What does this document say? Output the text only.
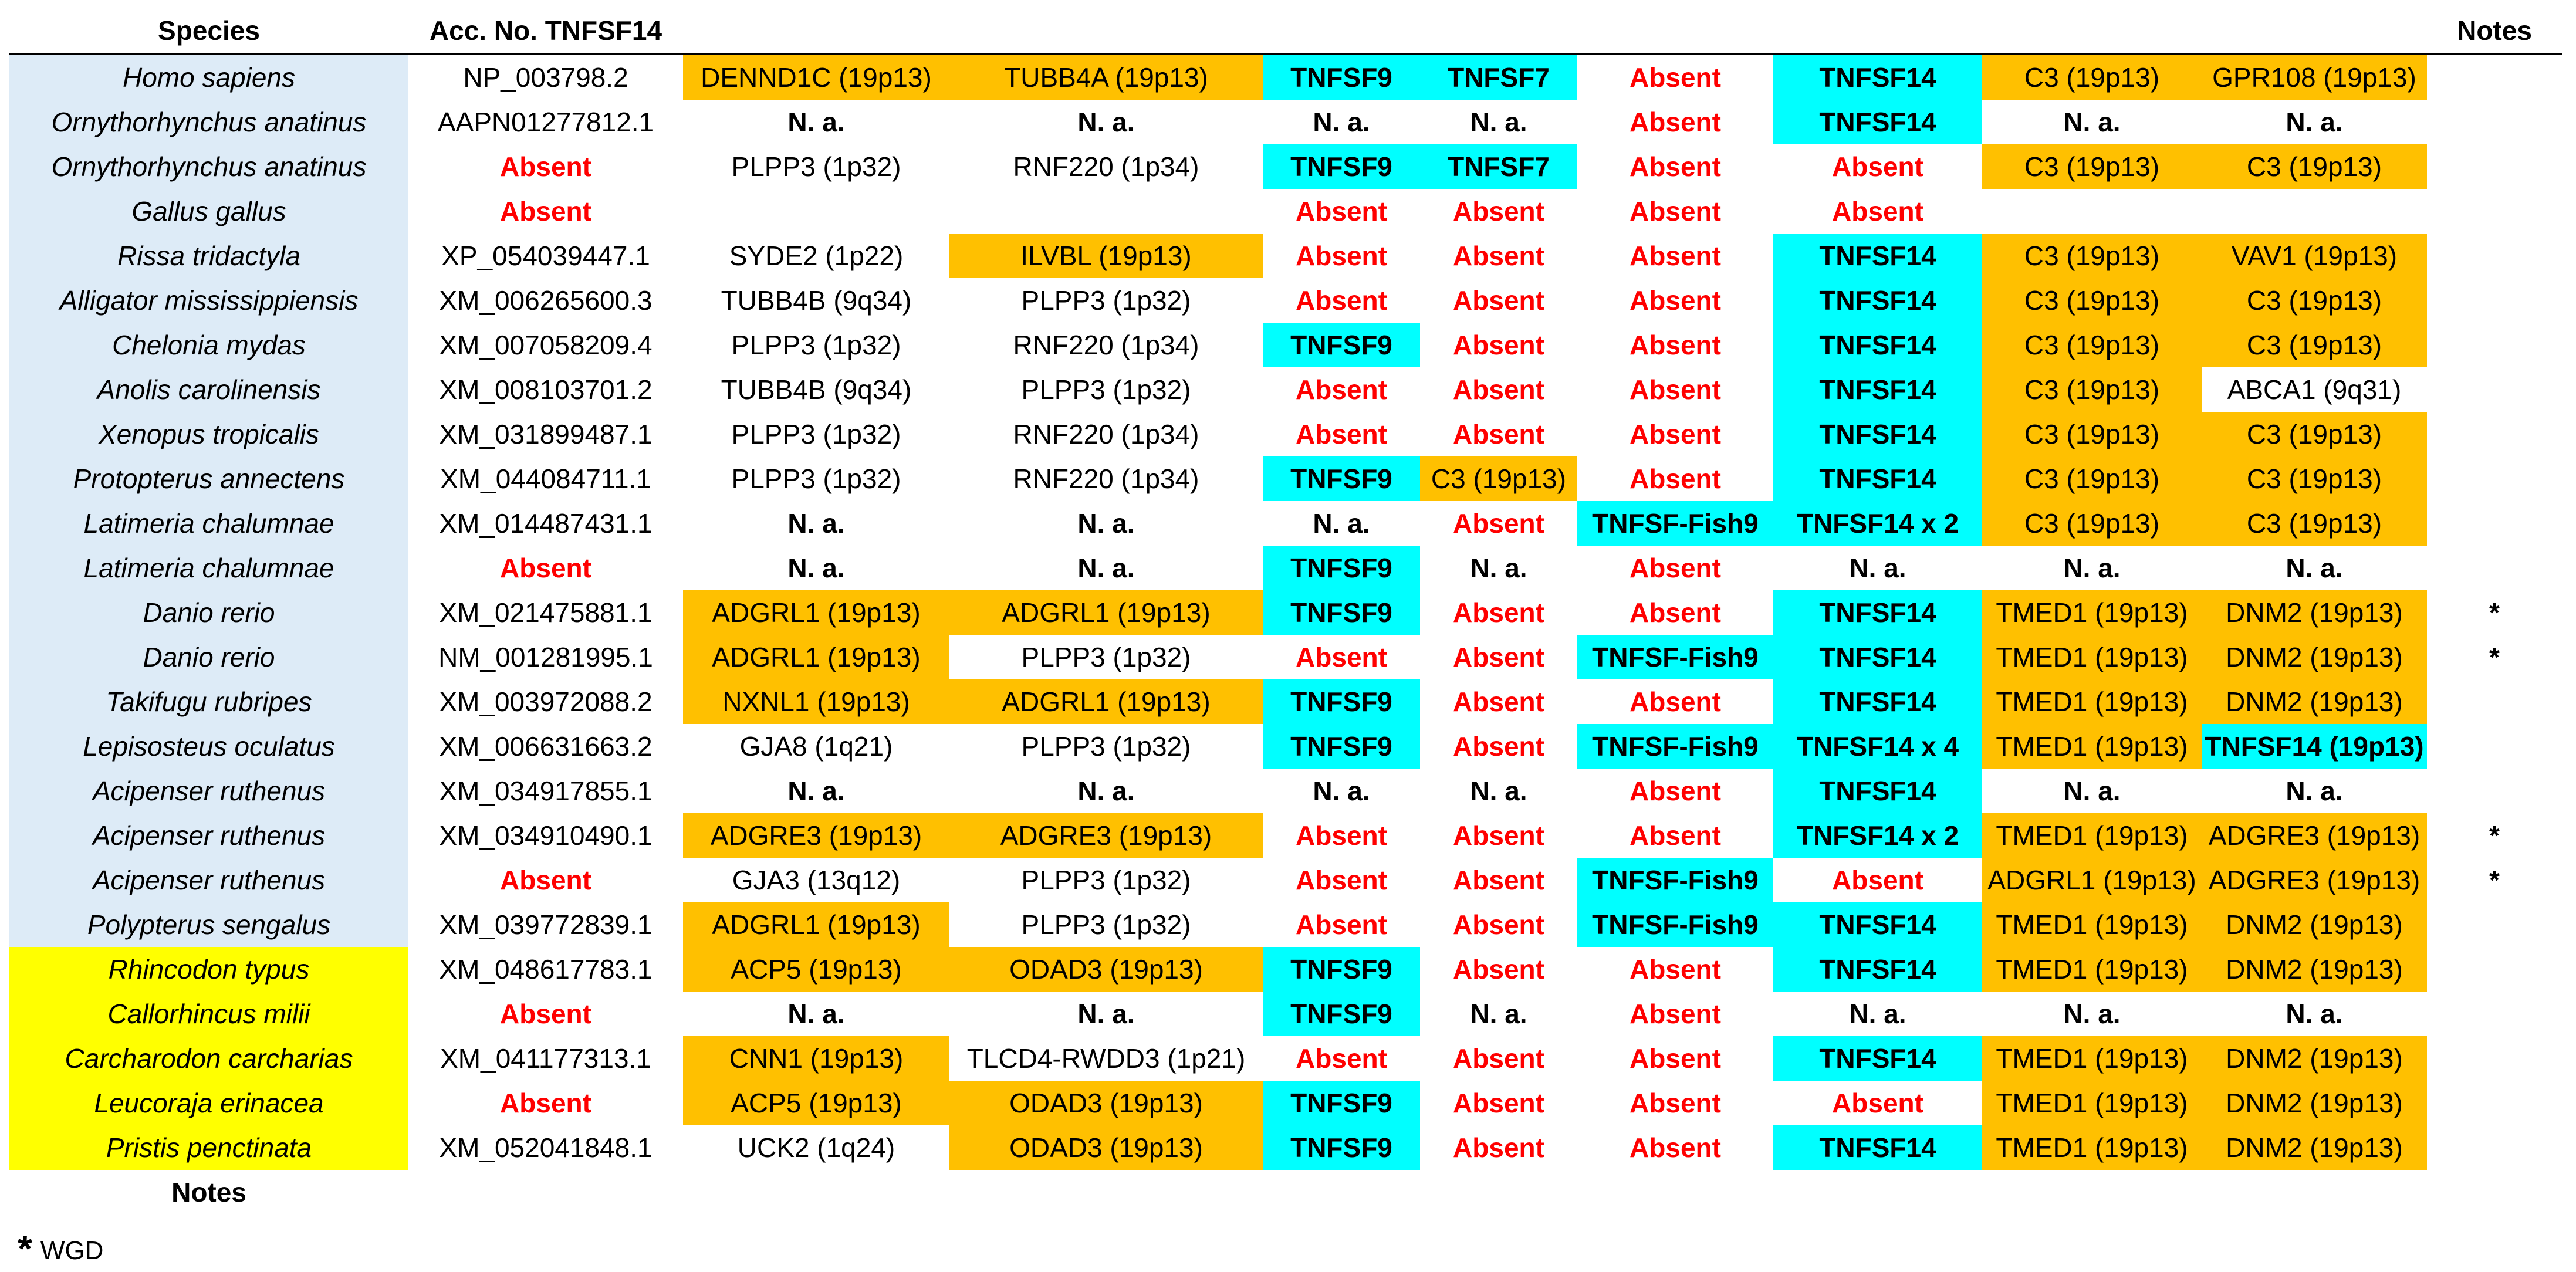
Species	Acc. No. TNFSF14									Notes
Homo sapiens	NP_003798.2	DENND1C (19p13)	TUBB4A (19p13)	TNFSF9	TNFSF7	Absent	TNFSF14	C3 (19p13)	GPR108 (19p13)	
Ornythorhynchus anatinus	AAPN01277812.1	N. a.	N. a.	N. a.	N. a.	Absent	TNFSF14	N. a.	N. a.	
Ornythorhynchus anatinus	Absent	PLPP3 (1p32)	RNF220 (1p34)	TNFSF9	TNFSF7	Absent	Absent	C3 (19p13)	C3 (19p13)	
Gallus gallus	Absent			Absent	Absent	Absent	Absent			
Rissa tridactyla	XP_054039447.1	SYDE2 (1p22)	ILVBL (19p13)	Absent	Absent	Absent	TNFSF14	C3 (19p13)	VAV1 (19p13)	
Alligator mississippiensis	XM_006265600.3	TUBB4B (9q34)	PLPP3 (1p32)	Absent	Absent	Absent	TNFSF14	C3 (19p13)	C3 (19p13)	
Chelonia mydas	XM_007058209.4	PLPP3 (1p32)	RNF220 (1p34)	TNFSF9	Absent	Absent	TNFSF14	C3 (19p13)	C3 (19p13)	
Anolis carolinensis	XM_008103701.2	TUBB4B (9q34)	PLPP3 (1p32)	Absent	Absent	Absent	TNFSF14	C3 (19p13)	ABCA1 (9q31)	
Xenopus tropicalis	XM_031899487.1	PLPP3 (1p32)	RNF220 (1p34)	Absent	Absent	Absent	TNFSF14	C3 (19p13)	C3 (19p13)	
Protopterus annectens	XM_044084711.1	PLPP3 (1p32)	RNF220 (1p34)	TNFSF9	C3 (19p13)	Absent	TNFSF14	C3 (19p13)	C3 (19p13)	
Latimeria chalumnae	XM_014487431.1	N. a.	N. a.	N. a.	Absent	TNFSF-Fish9	TNFSF14 x 2	C3 (19p13)	C3 (19p13)	
Latimeria chalumnae	Absent	N. a.	N. a.	TNFSF9	N. a.	Absent	N. a.	N. a.	N. a.	
Danio rerio	XM_021475881.1	ADGRL1 (19p13)	ADGRL1 (19p13)	TNFSF9	Absent	Absent	TNFSF14	TMED1 (19p13)	DNM2 (19p13)	*
Danio rerio	NM_001281995.1	ADGRL1 (19p13)	PLPP3 (1p32)	Absent	Absent	TNFSF-Fish9	TNFSF14	TMED1 (19p13)	DNM2 (19p13)	*
Takifugu rubripes	XM_003972088.2	NXNL1 (19p13)	ADGRL1 (19p13)	TNFSF9	Absent	Absent	TNFSF14	TMED1 (19p13)	DNM2 (19p13)	
Lepisosteus oculatus	XM_006631663.2	GJA8 (1q21)	PLPP3 (1p32)	TNFSF9	Absent	TNFSF-Fish9	TNFSF14 x 4	TMED1 (19p13)	TNFSF14 (19p13)	
Acipenser ruthenus	XM_034917855.1	N. a.	N. a.	N. a.	N. a.	Absent	TNFSF14	N. a.	N. a.	
Acipenser ruthenus	XM_034910490.1	ADGRE3 (19p13)	ADGRE3 (19p13)	Absent	Absent	Absent	TNFSF14 x 2	TMED1 (19p13)	ADGRE3 (19p13)	*
Acipenser ruthenus	Absent	GJA3 (13q12)	PLPP3 (1p32)	Absent	Absent	TNFSF-Fish9	Absent	ADGRL1 (19p13)	ADGRE3 (19p13)	*
Polypterus sengalus	XM_039772839.1	ADGRL1 (19p13)	PLPP3 (1p32)	Absent	Absent	TNFSF-Fish9	TNFSF14	TMED1 (19p13)	DNM2 (19p13)	
Rhincodon typus	XM_048617783.1	ACP5 (19p13)	ODAD3 (19p13)	TNFSF9	Absent	Absent	TNFSF14	TMED1 (19p13)	DNM2 (19p13)	
Callorhincus milii	Absent	N. a.	N. a.	TNFSF9	N. a.	Absent	N. a.	N. a.	N. a.	
Carcharodon carcharias	XM_041177313.1	CNN1 (19p13)	TLCD4-RWDD3 (1p21)	Absent	Absent	Absent	TNFSF14	TMED1 (19p13)	DNM2 (19p13)	
Leucoraja erinacea	Absent	ACP5 (19p13)	ODAD3 (19p13)	TNFSF9	Absent	Absent	Absent	TMED1 (19p13)	DNM2 (19p13)	
Pristis penctinata	XM_052041848.1	UCK2 (1q24)	ODAD3 (19p13)	TNFSF9	Absent	Absent	TNFSF14	TMED1 (19p13)	DNM2 (19p13)	
Notes
* WGD
